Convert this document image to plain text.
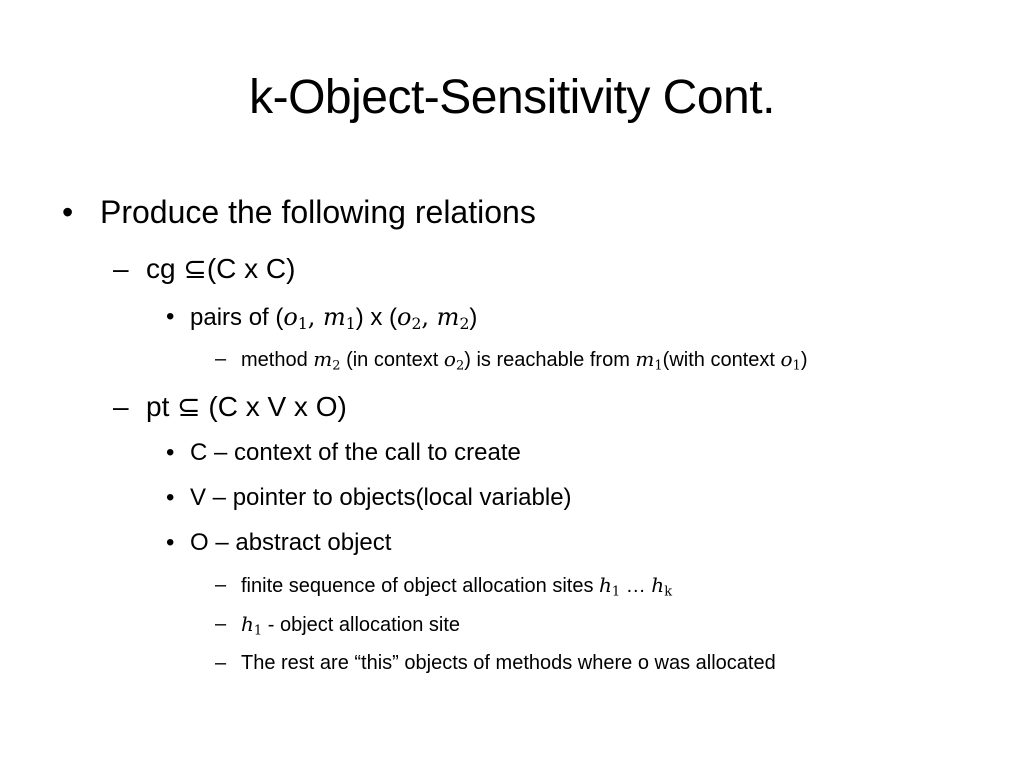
k-Object-Sensitivity Cont.
• Produce the following relations
– cg ⊆(C x C)
• pairs of ($o_1$, $m_1$) x ($o_2$, $m_2$)
– method $m_2$ (in context $o_2$) is reachable from $m_1(with$ context $o_1$)
– pt ⊆ (C x V x O)
• C – context of the call to create
• V – pointer to objects(local variable)
• O – abstract object
– finite sequence of object allocation sites $h_1$ … $h_k$
– $h_1$ - object allocation site
– The rest are “this” objects of methods where o was allocated
